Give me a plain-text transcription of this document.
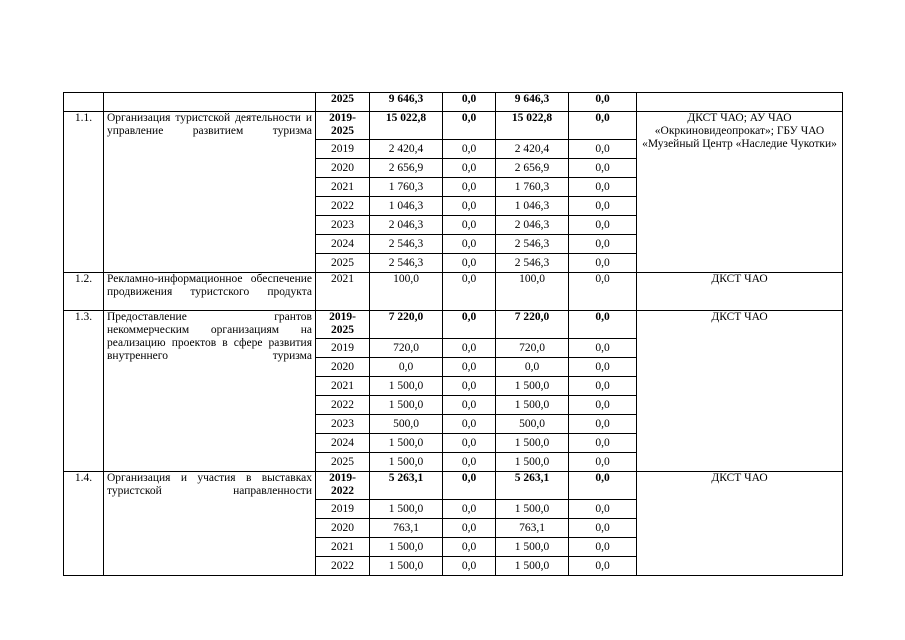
		2025	9 646,3	0,0	9 646,3	0,0	
1.1.	Организация туристской деятельности и управление развитием туризма	2019-2025	15 022,8	0,0	15 022,8	0,0	ДКСТ ЧАО; АУ ЧАО «Окркиновидеопрокат»; ГБУ ЧАО «Музейный Центр «Наследие Чукотки»
		2019	2 420,4	0,0	2 420,4	0,0	
		2020	2 656,9	0,0	2 656,9	0,0	
		2021	1 760,3	0,0	1 760,3	0,0	
		2022	1 046,3	0,0	1 046,3	0,0	
		2023	2 046,3	0,0	2 046,3	0,0	
		2024	2 546,3	0,0	2 546,3	0,0	
		2025	2 546,3	0,0	2 546,3	0,0	
1.2.	Рекламно-информационное обеспечение продвижения туристского продукта	2021	100,0	0,0	100,0	0,0	ДКСТ ЧАО
1.3.	Предоставление грантов некоммерческим организациям на реализацию проектов в сфере развития внутреннего туризма	2019-2025	7 220,0	0,0	7 220,0	0,0	ДКСТ ЧАО
		2019	720,0	0,0	720,0	0,0	
		2020	0,0	0,0	0,0	0,0	
		2021	1 500,0	0,0	1 500,0	0,0	
		2022	1 500,0	0,0	1 500,0	0,0	
		2023	500,0	0,0	500,0	0,0	
		2024	1 500,0	0,0	1 500,0	0,0	
		2025	1 500,0	0,0	1 500,0	0,0	
1.4.	Организация и участия в выставках туристской направленности	2019-2022	5 263,1	0,0	5 263,1	0,0	ДКСТ ЧАО
		2019	1 500,0	0,0	1 500,0	0,0	
		2020	763,1	0,0	763,1	0,0	
		2021	1 500,0	0,0	1 500,0	0,0	
		2022	1 500,0	0,0	1 500,0	0,0	
